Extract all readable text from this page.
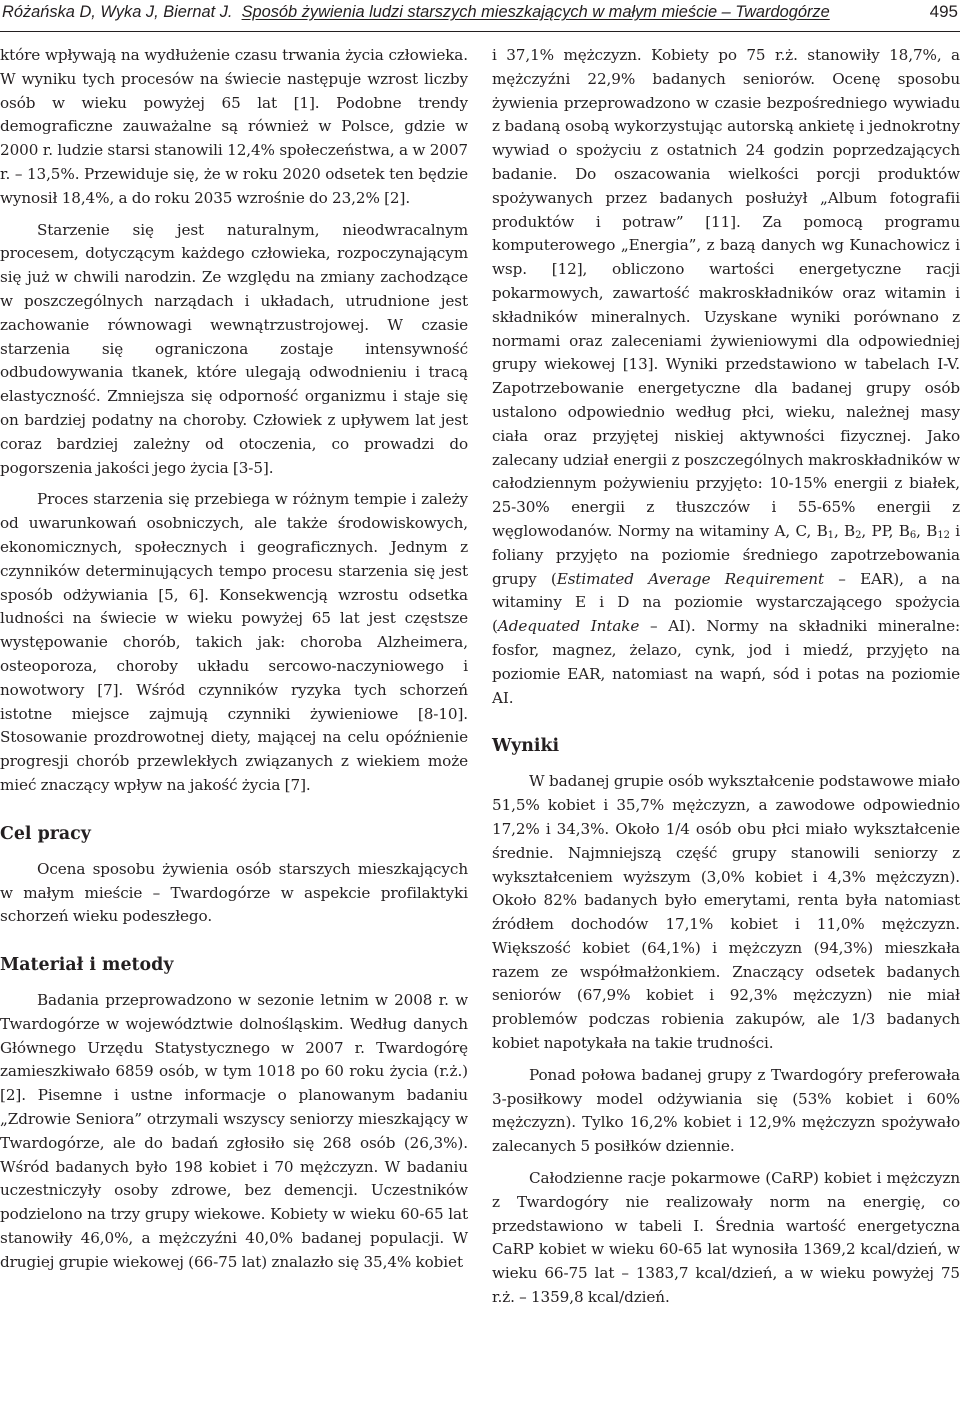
Różańska D, Wyka J, Biernat J. Sposób żywienia ludzi starszych mieszkających w małym mieście – Twardogórze	495

które wpływają na wydłużenie czasu trwania życia człowieka. W wyniku tych procesów na świecie następuje wzrost liczby osób w wieku powyżej 65 lat [1]. Podobne trendy demograficzne zauważalne są również w Polsce, gdzie w 2000 r. ludzie starsi stanowili 12,4% społeczeństwa, a w 2007 r. – 13,5%. Przewiduje się, że w roku 2020 odsetek ten będzie wynosił 18,4%, a do roku 2035 wzrośnie do 23,2% [2].

Starzenie się jest naturalnym, nieodwracalnym procesem, dotyczącym każdego człowieka, rozpoczynającym się już w chwili narodzin. Ze względu na zmiany zachodzące w poszczególnych narządach i układach, utrudnione jest zachowanie równowagi wewnątrzustrojowej. W czasie starzenia się ograniczona zostaje intensywność odbudowywania tkanek, które ulegają odwodnieniu i tracą elastyczność. Zmniejsza się odporność organizmu i staje się on bardziej podatny na choroby. Człowiek z upływem lat jest coraz bardziej zależny od otoczenia, co prowadzi do pogorszenia jakości jego życia [3-5].

Proces starzenia się przebiega w różnym tempie i zależy od uwarunkowań osobniczych, ale także środowiskowych, ekonomicznych, społecznych i geograficznych. Jednym z czynników determinujących tempo procesu starzenia się jest sposób odżywiania [5, 6]. Konsekwencją wzrostu odsetka ludności na świecie w wieku powyżej 65 lat jest częstsze występowanie chorób, takich jak: choroba Alzheimera, osteoporoza, choroby układu sercowo-naczyniowego i nowotwory [7]. Wśród czynników ryzyka tych schorzeń istotne miejsce zajmują czynniki żywieniowe [8-10]. Stosowanie prozdrowotnej diety, mającej na celu opóźnienie progresji chorób przewlekłych związanych z wiekiem może mieć znaczący wpływ na jakość życia [7].

Cel pracy

Ocena sposobu żywienia osób starszych mieszkających w małym mieście – Twardogórze w aspekcie profilaktyki schorzeń wieku podeszłego.

Materiał i metody

Badania przeprowadzono w sezonie letnim w 2008 r. w Twardogórze w województwie dolnośląskim. Według danych Głównego Urzędu Statystycznego w 2007 r. Twardogórę zamieszkiwało 6859 osób, w tym 1018 po 60 roku życia (r.ż.) [2]. Pisemne i ustne informacje o planowanym badaniu „Zdrowie Seniora” otrzymali wszyscy seniorzy mieszkający w Twardogórze, ale do badań zgłosiło się 268 osób (26,3%). Wśród badanych było 198 kobiet i 70 mężczyzn. W badaniu uczestniczyły osoby zdrowe, bez demencji. Uczestników podzielono na trzy grupy wiekowe. Kobiety w wieku 60-65 lat stanowiły 46,0%, a mężczyźni 40,0% badanej populacji. W drugiej grupie wiekowej (66-75 lat) znalazło się 35,4% kobiet

i 37,1% mężczyzn. Kobiety po 75 r.ż. stanowiły 18,7%, a mężczyźni 22,9% badanych seniorów. Ocenę sposobu żywienia przeprowadzono w czasie bezpośredniego wywiadu z badaną osobą wykorzystując autorską ankietę i jednokrotny wywiad o spożyciu z ostatnich 24 godzin poprzedzających badanie. Do oszacowania wielkości porcji produktów spożywanych przez badanych posłużył „Album fotografii produktów i potraw” [11]. Za pomocą programu komputerowego „Energia”, z bazą danych wg Kunachowicz i wsp. [12], obliczono wartości energetyczne racji pokarmowych, zawartość makroskładników oraz witamin i składników mineralnych. Uzyskane wyniki porównano z normami oraz zaleceniami żywieniowymi dla odpowiedniej grupy wiekowej [13]. Wyniki przedstawiono w tabelach I-V. Zapotrzebowanie energetyczne dla badanej grupy osób ustalono odpowiednio według płci, wieku, należnej masy ciała oraz przyjętej niskiej aktywności fizycznej. Jako zalecany udział energii z poszczególnych makroskładników w całodziennym pożywieniu przyjęto: 10-15% energii z białek, 25-30% energii z tłuszczów i 55-65% energii z węglowodanów. Normy na witaminy A, C, $B_1$, $B_2$, PP, $B_6$, $B_{12}$ i foliany przyjęto na poziomie średniego zapotrzebowania grupy (Estimated Average Requirement – EAR), a na witaminy E i D na poziomie wystarczającego spożycia (Adequated Intake – AI). Normy na składniki mineralne: fosfor, magnez, żelazo, cynk, jod i miedź, przyjęto na poziomie EAR, natomiast na wapń, sód i potas na poziomie AI.

Wyniki

W badanej grupie osób wykształcenie podstawowe miało 51,5% kobiet i 35,7% mężczyzn, a zawodowe odpowiednio 17,2% i 34,3%. Około 1/4 osób obu płci miało wykształcenie średnie. Najmniejszą część grupy stanowili seniorzy z wykształceniem wyższym (3,0% kobiet i 4,3% mężczyzn). Około 82% badanych było emerytami, renta była natomiast źródłem dochodów 17,1% kobiet i 11,0% mężczyzn. Większość kobiet (64,1%) i mężczyzn (94,3%) mieszkała razem ze współmałżonkiem. Znaczący odsetek badanych seniorów (67,9% kobiet i 92,3% mężczyzn) nie miał problemów podczas robienia zakupów, ale 1/3 badanych kobiet napotykała na takie trudności.

Ponad połowa badanej grupy z Twardogóry preferowała 3-posiłkowy model odżywiania się (53% kobiet i 60% mężczyzn). Tylko 16,2% kobiet i 12,9% mężczyzn spożywało zalecanych 5 posiłków dziennie.

Całodzienne racje pokarmowe (CaRP) kobiet i mężczyzn z Twardogóry nie realizowały norm na energię, co przedstawiono w tabeli I. Średnia wartość energetyczna CaRP kobiet w wieku 60-65 lat wynosiła 1369,2 kcal/dzień, w wieku 66-75 lat – 1383,7 kcal/dzień, a w wieku powyżej 75 r.ż. – 1359,8 kcal/dzień.
